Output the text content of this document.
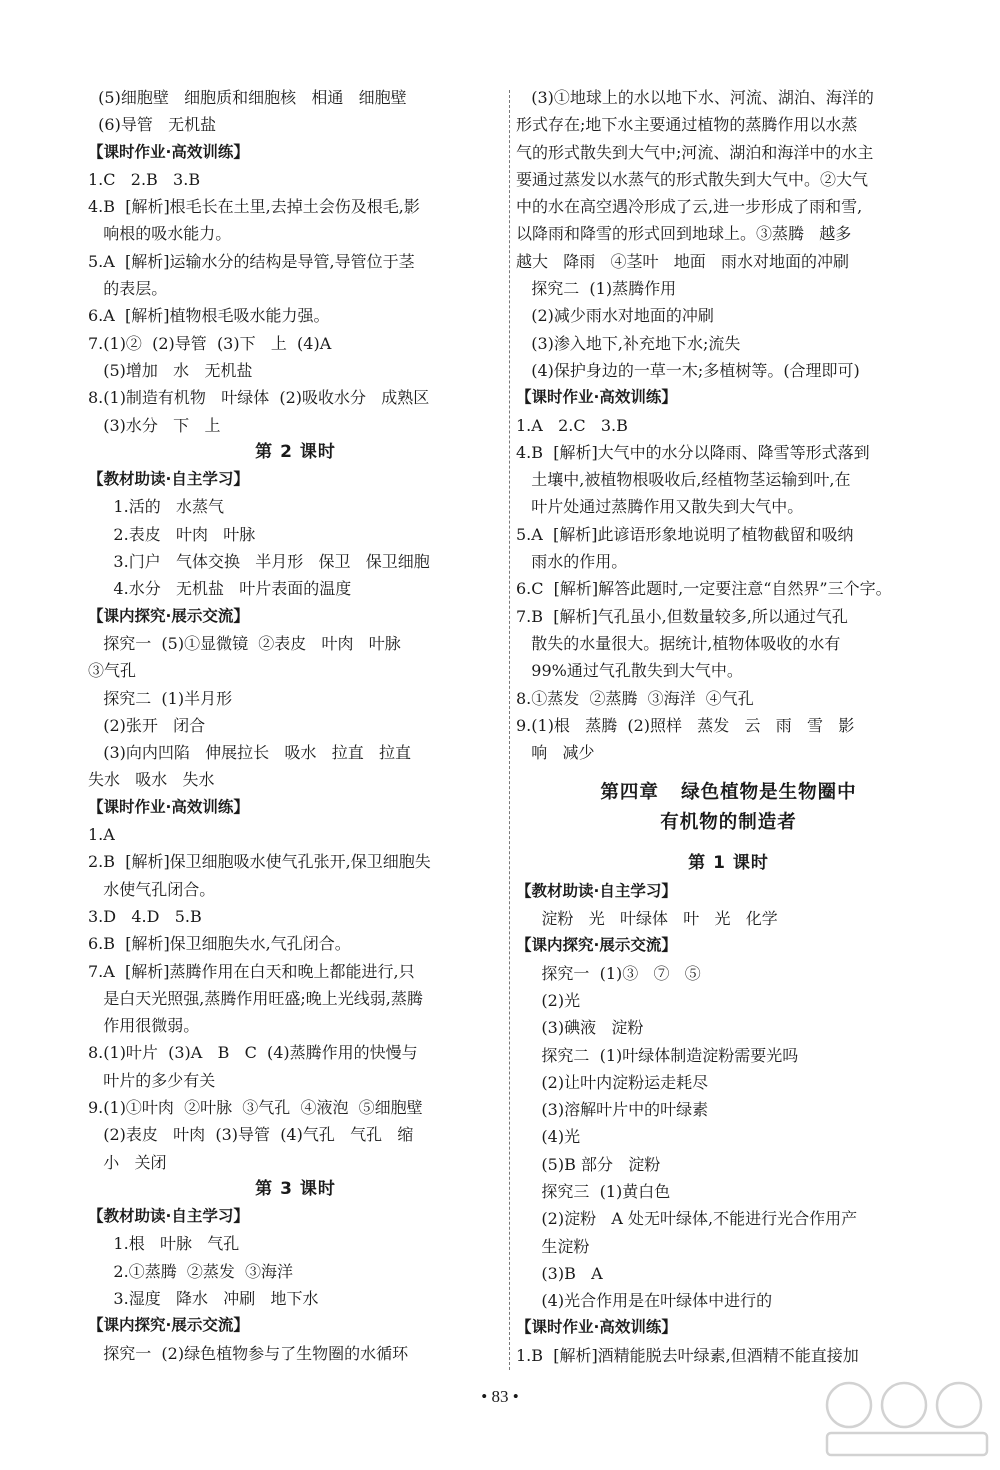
(5)细胞壁   细胞质和细胞核   相通   细胞壁
(6)导管   无机盐
【课时作业·高效训练】
1.C   2.B   3.B
4.B  [解析]根毛长在土里,去掉土会伤及根毛,影
响根的吸水能力。
5.A  [解析]运输水分的结构是导管,导管位于茎
的表层。
6.A  [解析]植物根毛吸水能力强。
7.(1)②  (2)导管  (3)下   上  (4)A
(5)增加   水   无机盐
8.(1)制造有机物   叶绿体  (2)吸收水分   成熟区
(3)水分   下   上
第 2 课时
【教材助读·自主学习】
1.活的   水蒸气
2.表皮   叶肉   叶脉
3.门户   气体交换   半月形   保卫   保卫细胞
4.水分   无机盐   叶片表面的温度
【课内探究·展示交流】
探究一  (5)①显微镜  ②表皮   叶肉   叶脉
③气孔
探究二  (1)半月形
(2)张开   闭合
(3)向内凹陷   伸展拉长   吸水   拉直   拉直
失水   吸水   失水
【课时作业·高效训练】
1.A
2.B  [解析]保卫细胞吸水使气孔张开,保卫细胞失
水使气孔闭合。
3.D   4.D   5.B
6.B  [解析]保卫细胞失水,气孔闭合。
7.A  [解析]蒸腾作用在白天和晚上都能进行,只
是白天光照强,蒸腾作用旺盛;晚上光线弱,蒸腾
作用很微弱。
8.(1)叶片  (3)A   B   C  (4)蒸腾作用的快慢与
叶片的多少有关
9.(1)①叶肉  ②叶脉  ③气孔  ④液泡  ⑤细胞壁
(2)表皮   叶肉  (3)导管  (4)气孔   气孔   缩
小   关闭
第 3 课时
【教材助读·自主学习】
1.根   叶脉   气孔
2.①蒸腾  ②蒸发  ③海洋
3.湿度   降水   冲刷   地下水
【课内探究·展示交流】
探究一  (2)绿色植物参与了生物圈的水循环
(3)①地球上的水以地下水、河流、湖泊、海洋的
形式存在;地下水主要通过植物的蒸腾作用以水蒸
气的形式散失到大气中;河流、湖泊和海洋中的水主
要通过蒸发以水蒸气的形式散失到大气中。②大气
中的水在高空遇冷形成了云,进一步形成了雨和雪,
以降雨和降雪的形式回到地球上。③蒸腾   越多
越大   降雨   ④茎叶   地面   雨水对地面的冲刷
探究二  (1)蒸腾作用
(2)减少雨水对地面的冲刷
(3)渗入地下,补充地下水;流失
(4)保护身边的一草一木;多植树等。(合理即可)
【课时作业·高效训练】
1.A   2.C   3.B
4.B  [解析]大气中的水分以降雨、降雪等形式落到
土壤中,被植物根吸收后,经植物茎运输到叶,在
叶片处通过蒸腾作用又散失到大气中。
5.A  [解析]此谚语形象地说明了植物截留和吸纳
雨水的作用。
6.C  [解析]解答此题时,一定要注意“自然界”三个字。
7.B  [解析]气孔虽小,但数量较多,所以通过气孔
散失的水量很大。据统计,植物体吸收的水有
99%通过气孔散失到大气中。
8.①蒸发  ②蒸腾  ③海洋  ④气孔
9.(1)根   蒸腾  (2)照样   蒸发   云   雨   雪   影
响   减少
第四章   绿色植物是生物圈中
有机物的制造者
第 1 课时
【教材助读·自主学习】
淀粉   光   叶绿体   叶   光   化学
【课内探究·展示交流】
探究一  (1)③   ⑦   ⑤
(2)光
(3)碘液   淀粉
探究二  (1)叶绿体制造淀粉需要光吗
(2)让叶内淀粉运走耗尽
(3)溶解叶片中的叶绿素
(4)光
(5)B 部分   淀粉
探究三  (1)黄白色
(2)淀粉   A 处无叶绿体,不能进行光合作用产
生淀粉
(3)B   A
(4)光合作用是在叶绿体中进行的
【课时作业·高效训练】
1.B  [解析]酒精能脱去叶绿素,但酒精不能直接加
• 83 •
